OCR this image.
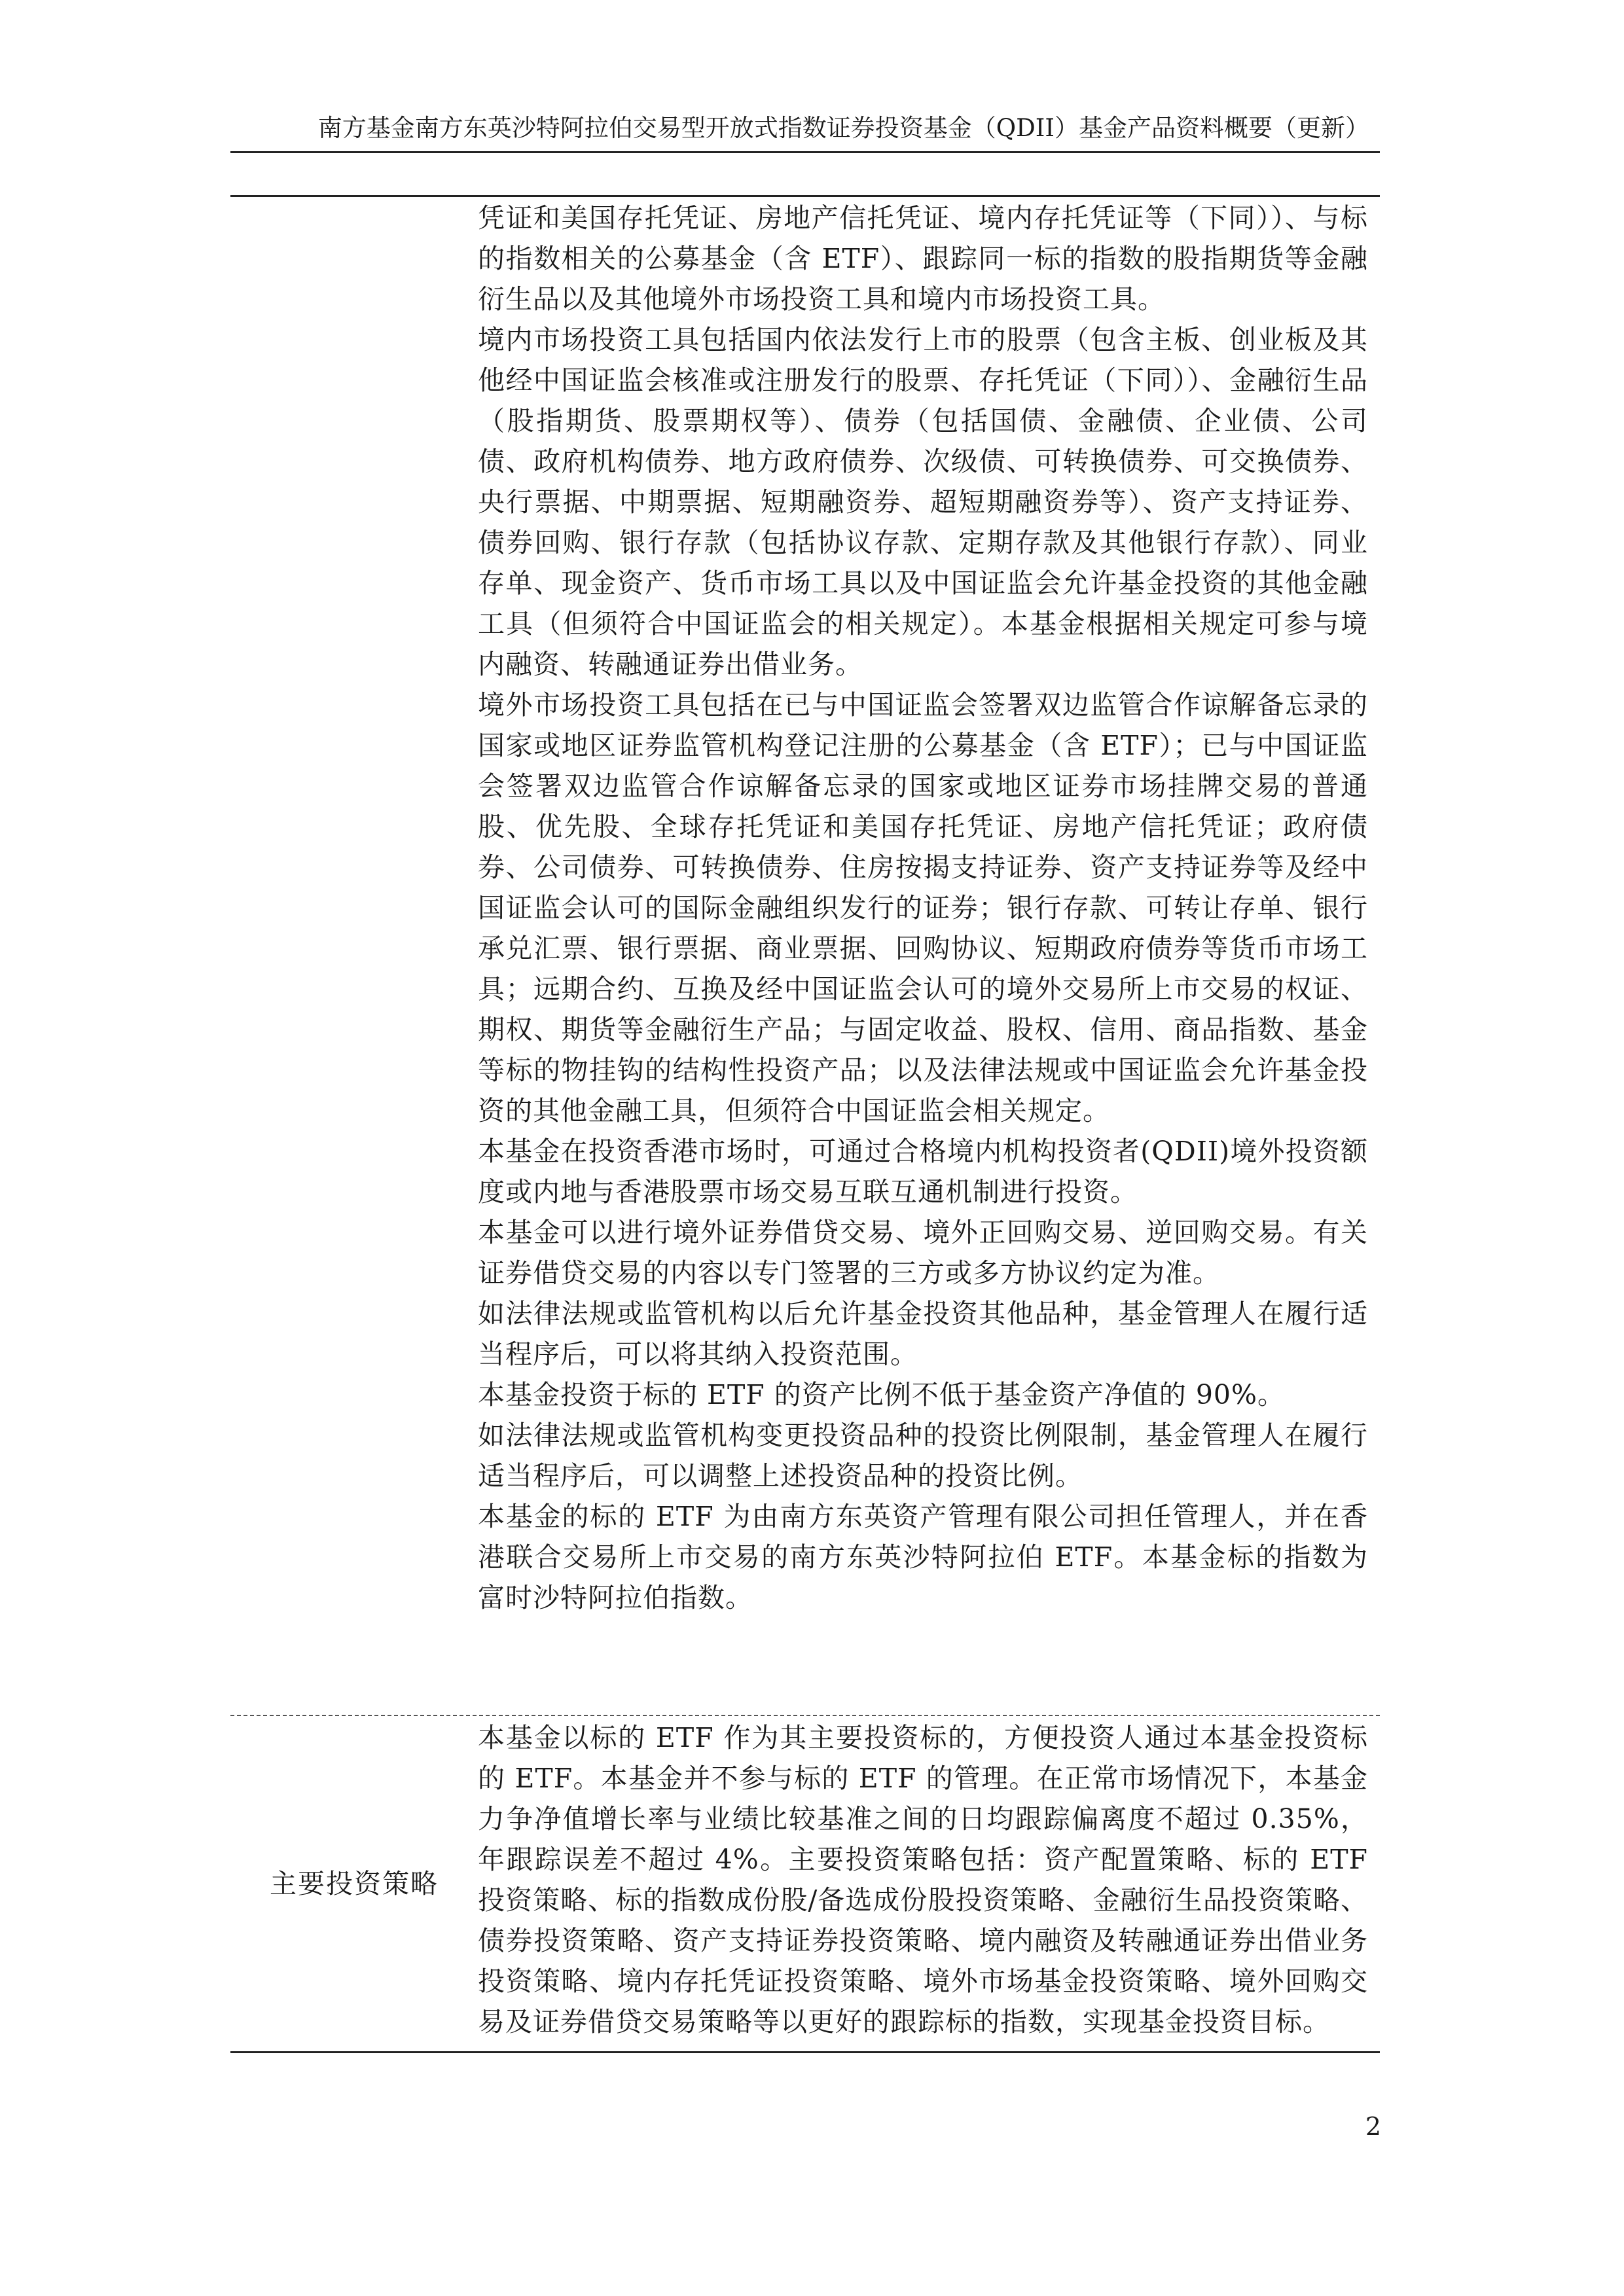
南方基金南方东英沙特阿拉伯交易型开放式指数证券投资基金（QDII）基金产品资料概要（更新）

凭证和美国存托凭证、房地产信托凭证、境内存托凭证等（下同））、与标的指数相关的公募基金（含 ETF）、跟踪同一标的指数的股指期货等金融衍生品以及其他境外市场投资工具和境内市场投资工具。

境内市场投资工具包括国内依法发行上市的股票（包含主板、创业板及其他经中国证监会核准或注册发行的股票、存托凭证（下同））、金融衍生品（股指期货、股票期权等）、债券（包括国债、金融债、企业债、公司债、政府机构债券、地方政府债券、次级债、可转换债券、可交换债券、央行票据、中期票据、短期融资券、超短期融资券等）、资产支持证券、债券回购、银行存款（包括协议存款、定期存款及其他银行存款）、同业存单、现金资产、货币市场工具以及中国证监会允许基金投资的其他金融工具（但须符合中国证监会的相关规定）。本基金根据相关规定可参与境内融资、转融通证券出借业务。

境外市场投资工具包括在已与中国证监会签署双边监管合作谅解备忘录的国家或地区证券监管机构登记注册的公募基金（含 ETF）；已与中国证监会签署双边监管合作谅解备忘录的国家或地区证券市场挂牌交易的普通股、优先股、全球存托凭证和美国存托凭证、房地产信托凭证；政府债券、公司债券、可转换债券、住房按揭支持证券、资产支持证券等及经中国证监会认可的国际金融组织发行的证券；银行存款、可转让存单、银行承兑汇票、银行票据、商业票据、回购协议、短期政府债券等货币市场工具；远期合约、互换及经中国证监会认可的境外交易所上市交易的权证、期权、期货等金融衍生产品；与固定收益、股权、信用、商品指数、基金等标的物挂钩的结构性投资产品；以及法律法规或中国证监会允许基金投资的其他金融工具，但须符合中国证监会相关规定。

本基金在投资香港市场时，可通过合格境内机构投资者(QDII)境外投资额度或内地与香港股票市场交易互联互通机制进行投资。

本基金可以进行境外证券借贷交易、境外正回购交易、逆回购交易。有关证券借贷交易的内容以专门签署的三方或多方协议约定为准。

如法律法规或监管机构以后允许基金投资其他品种，基金管理人在履行适当程序后，可以将其纳入投资范围。

本基金投资于标的 ETF 的资产比例不低于基金资产净值的 90%。

如法律法规或监管机构变更投资品种的投资比例限制，基金管理人在履行适当程序后，可以调整上述投资品种的投资比例。

本基金的标的 ETF 为由南方东英资产管理有限公司担任管理人，并在香港联合交易所上市交易的南方东英沙特阿拉伯 ETF。本基金标的指数为富时沙特阿拉伯指数。

主要投资策略

本基金以标的 ETF 作为其主要投资标的，方便投资人通过本基金投资标的 ETF。本基金并不参与标的 ETF 的管理。在正常市场情况下，本基金力争净值增长率与业绩比较基准之间的日均跟踪偏离度不超过 0.35%，年跟踪误差不超过 4%。主要投资策略包括：资产配置策略、标的 ETF 投资策略、标的指数成份股/备选成份股投资策略、金融衍生品投资策略、债券投资策略、资产支持证券投资策略、境内融资及转融通证券出借业务投资策略、境内存托凭证投资策略、境外市场基金投资策略、境外回购交易及证券借贷交易策略等以更好的跟踪标的指数，实现基金投资目标。

2
